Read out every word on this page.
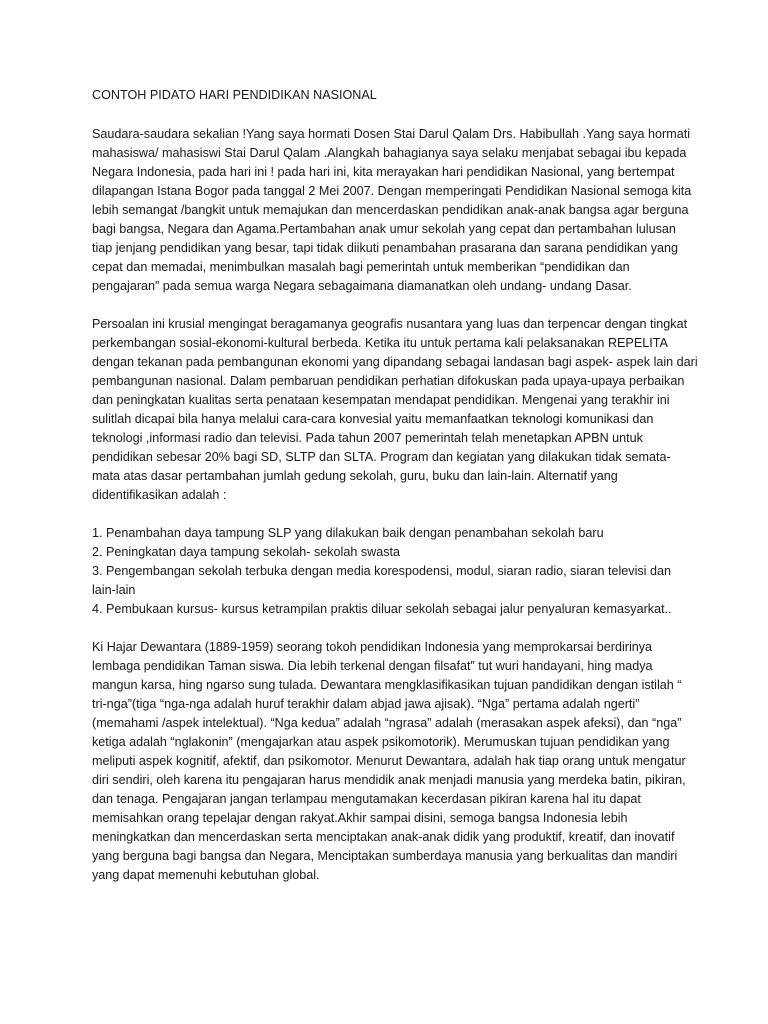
CONTOH PIDATO HARI PENDIDIKAN NASIONAL

Saudara-saudara sekalian !Yang saya hormati Dosen Stai Darul Qalam Drs. Habibullah .Yang saya hormati mahasiswa/ mahasiswi Stai Darul Qalam .Alangkah bahagianya saya selaku menjabat sebagai ibu kepada Negara Indonesia, pada hari ini ! pada hari ini, kita merayakan hari pendidikan Nasional, yang bertempat dilapangan Istana Bogor pada tanggal 2 Mei 2007. Dengan memperingati Pendidikan Nasional semoga kita lebih semangat /bangkit untuk memajukan dan mencerdaskan pendidikan anak-anak bangsa agar berguna bagi bangsa, Negara dan Agama.Pertambahan anak umur sekolah yang cepat dan pertambahan lulusan tiap jenjang pendidikan yang besar, tapi tidak diikuti penambahan prasarana dan sarana pendidikan yang cepat dan memadai, menimbulkan masalah bagi pemerintah untuk memberikan “pendidikan dan pengajaran” pada semua warga Negara sebagaimana diamanatkan oleh undang- undang Dasar.

Persoalan ini krusial mengingat beragamanya geografis nusantara yang luas dan terpencar dengan tingkat perkembangan sosial-ekonomi-kultural berbeda. Ketika itu untuk pertama kali pelaksanakan REPELITA dengan tekanan pada pembangunan ekonomi yang dipandang sebagai landasan bagi aspek- aspek lain dari pembangunan nasional. Dalam pembaruan pendidikan perhatian difokuskan pada upaya-upaya perbaikan dan peningkatan kualitas serta penataan kesempatan mendapat pendidikan. Mengenai yang terakhir ini sulitlah dicapai bila hanya melalui cara-cara konvesial yaitu memanfaatkan teknologi komunikasi dan teknologi ,informasi radio dan televisi. Pada tahun 2007 pemerintah telah menetapkan APBN untuk pendidikan sebesar 20% bagi SD, SLTP dan SLTA. Program dan kegiatan yang dilakukan tidak semata-mata atas dasar pertambahan jumlah gedung sekolah, guru, buku dan lain-lain. Alternatif yang didentifikasikan adalah :

1. Penambahan daya tampung SLP yang dilakukan baik dengan penambahan sekolah baru
2. Peningkatan daya tampung sekolah- sekolah swasta
3. Pengembangan sekolah terbuka dengan media korespodensi, modul, siaran radio, siaran televisi dan lain-lain
4. Pembukaan kursus- kursus ketrampilan praktis diluar sekolah sebagai jalur penyaluran kemasyarkat..

Ki Hajar Dewantara (1889-1959) seorang tokoh pendidikan Indonesia yang memprokarsai berdirinya lembaga pendidikan Taman siswa. Dia lebih terkenal dengan filsafat” tut wuri handayani, hing madya mangun karsa, hing ngarso sung tulada. Dewantara mengklasifikasikan tujuan pandidikan dengan istilah “ tri-nga”(tiga “nga-nga adalah huruf terakhir dalam abjad jawa ajisak). “Nga” pertama adalah ngerti” (memahami /aspek intelektual). “Nga kedua” adalah “ngrasa” adalah (merasakan aspek afeksi), dan “nga” ketiga adalah “nglakonin” (mengajarkan atau aspek psikomotorik). Merumuskan tujuan pendidikan yang meliputi aspek kognitif, afektif, dan psikomotor. Menurut Dewantara, adalah hak tiap orang untuk mengatur diri sendiri, oleh karena itu pengajaran harus mendidik anak menjadi manusia yang merdeka batin, pikiran, dan tenaga. Pengajaran jangan terlampau mengutamakan kecerdasan pikiran karena hal itu dapat memisahkan orang tepelajar dengan rakyat.Akhir sampai disini, semoga bangsa Indonesia lebih meningkatkan dan mencerdaskan serta menciptakan anak-anak didik yang produktif, kreatif, dan inovatif yang berguna bagi bangsa dan Negara, Menciptakan sumberdaya manusia yang berkualitas dan mandiri yang dapat memenuhi kebutuhan global.
